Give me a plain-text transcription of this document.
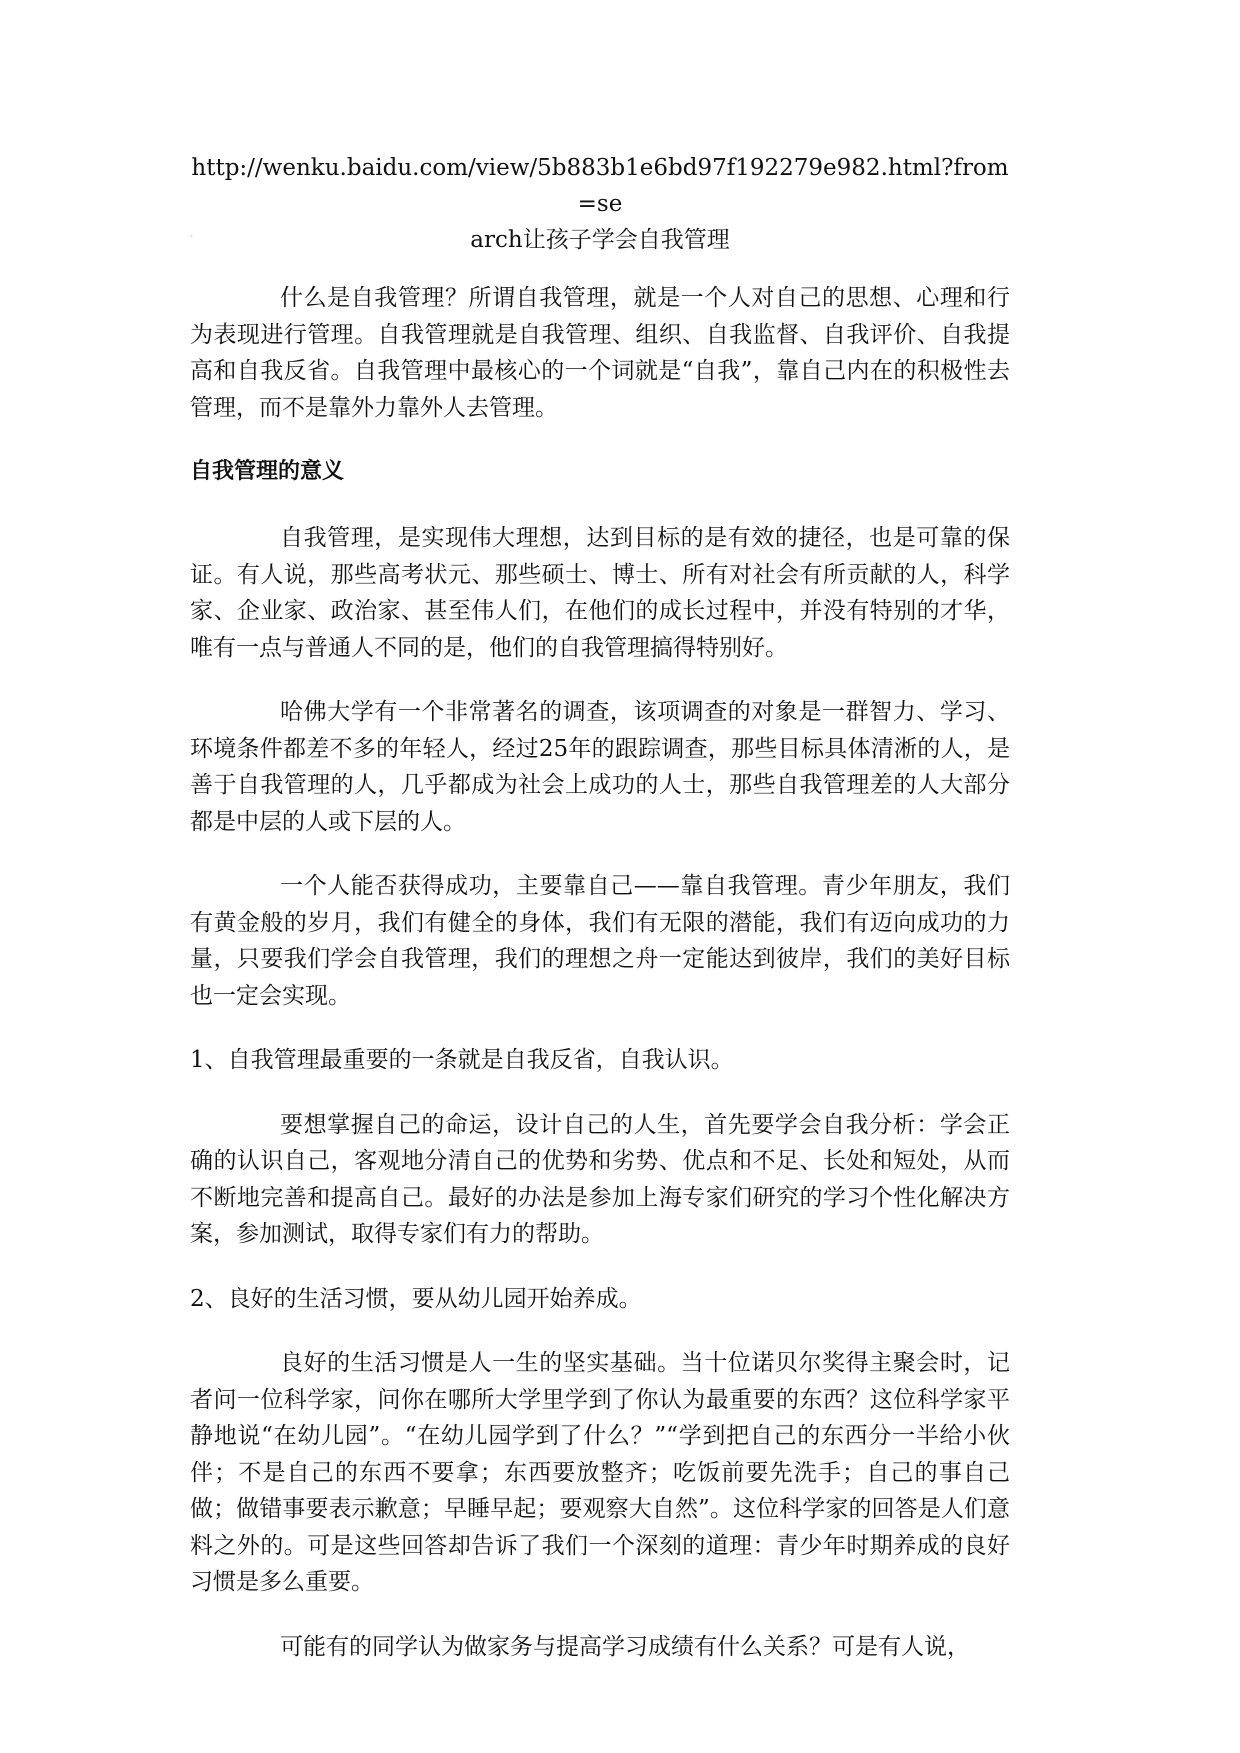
http://wenku.baidu.com/view/5b883b1e6bd97f192279e982.html?from=se
arch让孩子学会自我管理
`

什么是自我管理？所谓自我管理，就是一个人对自己的思想、心理和行为表现进行管理。自我管理就是自我管理、组织、自我监督、自我评价、自我提高和自我反省。自我管理中最核心的一个词就是“自我”，靠自己内在的积极性去管理，而不是靠外力靠外人去管理。

自我管理的意义

自我管理，是实现伟大理想，达到目标的是有效的捷径，也是可靠的保证。有人说，那些高考状元、那些硕士、博士、所有对社会有所贡献的人，科学家、企业家、政治家、甚至伟人们，在他们的成长过程中，并没有特别的才华，唯有一点与普通人不同的是，他们的自我管理搞得特别好。

哈佛大学有一个非常著名的调查，该项调查的对象是一群智力、学习、环境条件都差不多的年轻人，经过25年的跟踪调查，那些目标具体清淅的人，是善于自我管理的人，几乎都成为社会上成功的人士，那些自我管理差的人大部分都是中层的人或下层的人。

一个人能否获得成功，主要靠自己——靠自我管理。青少年朋友，我们有黄金般的岁月，我们有健全的身体，我们有无限的潜能，我们有迈向成功的力量，只要我们学会自我管理，我们的理想之舟一定能达到彼岸，我们的美好目标也一定会实现。

1、自我管理最重要的一条就是自我反省，自我认识。

要想掌握自己的命运，设计自己的人生，首先要学会自我分析：学会正确的认识自己，客观地分清自己的优势和劣势、优点和不足、长处和短处，从而不断地完善和提高自己。最好的办法是参加上海专家们研究的学习个性化解决方案，参加测试，取得专家们有力的帮助。

2、良好的生活习惯，要从幼儿园开始养成。

良好的生活习惯是人一生的坚实基础。当十位诺贝尔奖得主聚会时，记者问一位科学家，问你在哪所大学里学到了你认为最重要的东西？这位科学家平静地说“在幼儿园”。“在幼儿园学到了什么？”“学到把自己的东西分一半给小伙伴；不是自己的东西不要拿；东西要放整齐；吃饭前要先洗手；自己的事自己做；做错事要表示歉意；早睡早起；要观察大自然”。这位科学家的回答是人们意料之外的。可是这些回答却告诉了我们一个深刻的道理：青少年时期养成的良好习惯是多么重要。

可能有的同学认为做家务与提高学习成绩有什么关系？可是有人说，
